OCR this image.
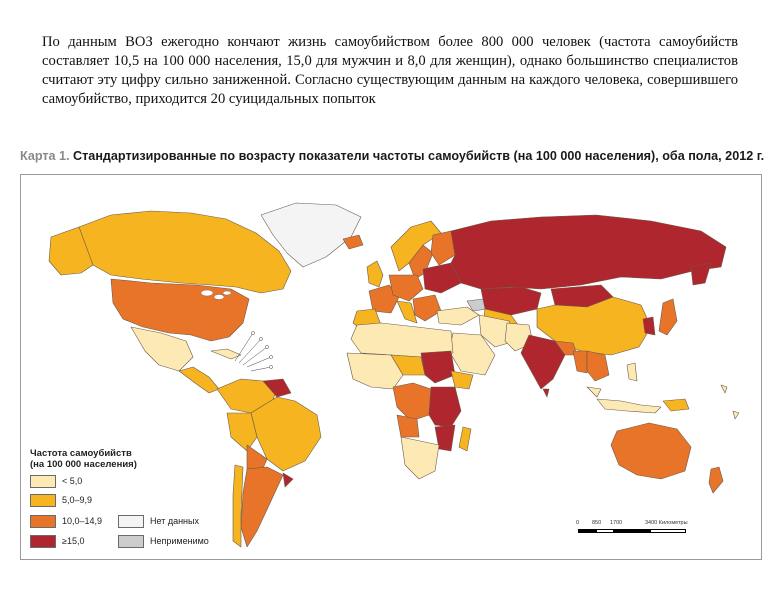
По данным ВОЗ ежегодно кончают жизнь самоубийством более 800 000 человек (частота самоубийств составляет 10,5 на 100 000 населения, 15,0 для мужчин и 8,0 для женщин), однако большинство специалистов считают эту цифру сильно заниженной. Согласно существующим данным на каждого человека, совершившего самоубийство, приходится 20 суицидальных попыток

Карта 1. Стандартизированные по возрасту показатели частоты самоубийств (на 100 000 населения), оба пола, 2012 г.
0 850 1700	3400 Километры
Частота самоубийств
(на 100 000 населения)
< 5,0
5,0–9,9
10,0–14,9
≥15,0
Нет данных
Неприменимо
